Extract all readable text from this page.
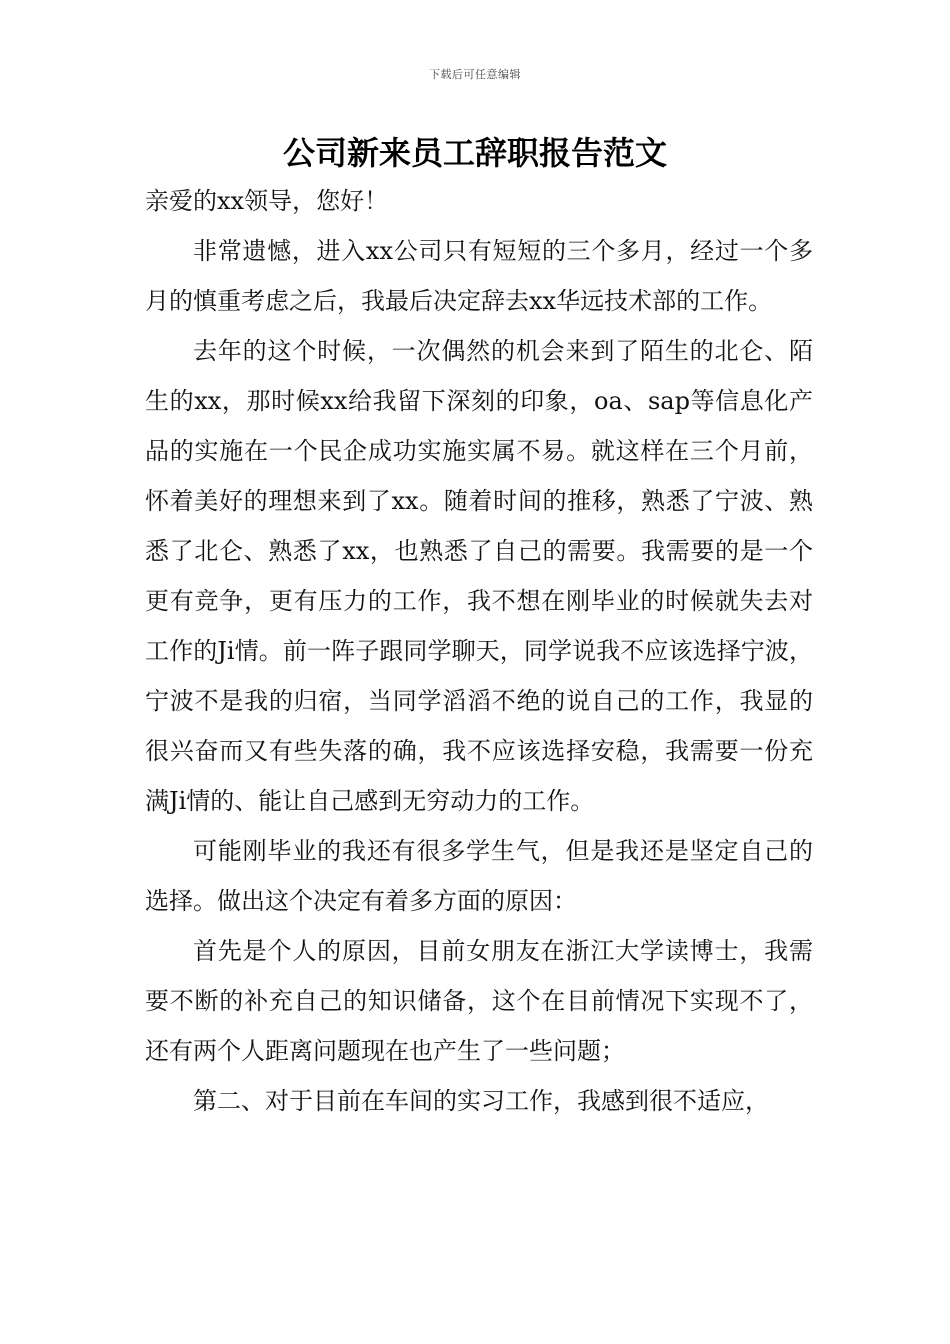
下载后可任意编辑
公司新来员工辞职报告范文

亲爱的xx领导，您好！

非常遗憾，进入xx公司只有短短的三个多月，经过一个多月的慎重考虑之后，我最后决定辞去xx华远技术部的工作。

去年的这个时候，一次偶然的机会来到了陌生的北仑、陌生的xx，那时候xx给我留下深刻的印象，oa、sap等信息化产品的实施在一个民企成功实施实属不易。就这样在三个月前，怀着美好的理想来到了xx。随着时间的推移，熟悉了宁波、熟悉了北仑、熟悉了xx，也熟悉了自己的需要。我需要的是一个更有竞争，更有压力的工作，我不想在刚毕业的时候就失去对工作的Ji情。前一阵子跟同学聊天，同学说我不应该选择宁波，宁波不是我的归宿，当同学滔滔不绝的说自己的工作，我显的很兴奋而又有些失落的确，我不应该选择安稳，我需要一份充满Ji情的、能让自己感到无穷动力的工作。

可能刚毕业的我还有很多学生气，但是我还是坚定自己的选择。做出这个决定有着多方面的原因：

首先是个人的原因，目前女朋友在浙江大学读博士，我需要不断的补充自己的知识储备，这个在目前情况下实现不了，还有两个人距离问题现在也产生了一些问题；

第二、对于目前在车间的实习工作，我感到很不适应，
